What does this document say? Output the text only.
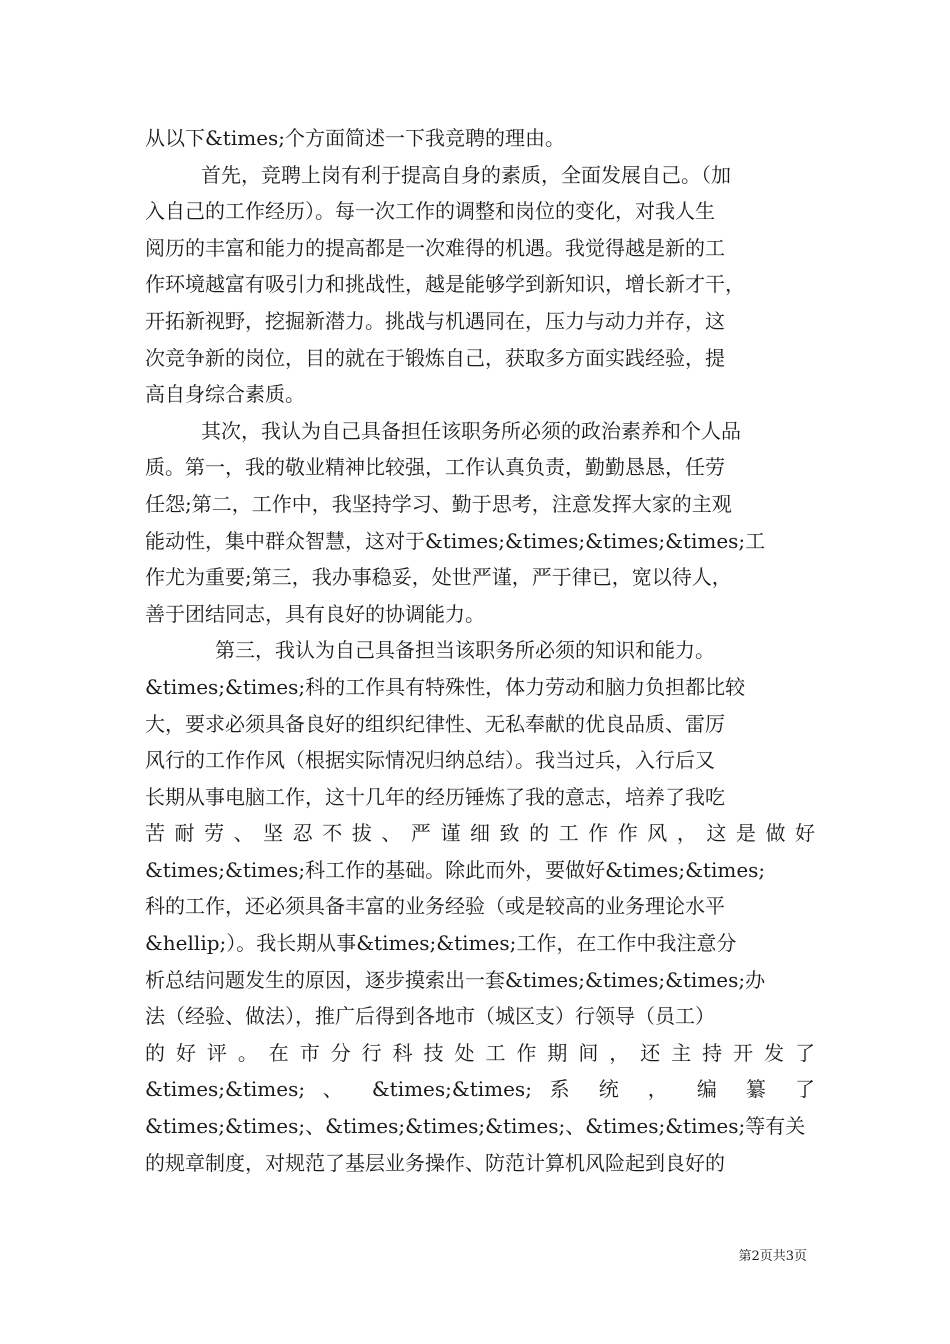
从以下&times;个方面简述一下我竞聘的理由。
首先，竞聘上岗有利于提高自身的素质，全面发展自己。（加
入自己的工作经历）。每一次工作的调整和岗位的变化，对我人生
阅历的丰富和能力的提高都是一次难得的机遇。我觉得越是新的工
作环境越富有吸引力和挑战性，越是能够学到新知识，增长新才干，
开拓新视野，挖掘新潜力。挑战与机遇同在，压力与动力并存，这
次竞争新的岗位，目的就在于锻炼自己，获取多方面实践经验，提
高自身综合素质。
其次，我认为自己具备担任该职务所必须的政治素养和个人品
质。第一，我的敬业精神比较强，工作认真负责，勤勤恳恳，任劳
任怨;第二，工作中，我坚持学习、勤于思考，注意发挥大家的主观
能动性，集中群众智慧，这对于&times;&times;&times;&times;工
作尤为重要;第三，我办事稳妥，处世严谨，严于律已，宽以待人，
善于团结同志，具有良好的协调能力。
第三，我认为自己具备担当该职务所必须的知识和能力。
&times;&times;科的工作具有特殊性，体力劳动和脑力负担都比较
大，要求必须具备良好的组织纪律性、无私奉献的优良品质、雷厉
风行的工作作风（根据实际情况归纳总结）。我当过兵，入行后又
长期从事电脑工作，这十几年的经历锤炼了我的意志，培养了我吃
苦耐劳、坚忍不拔、严谨细致的工作作风，这是做好
&times;&times;科工作的基础。除此而外，要做好&times;&times;
科的工作，还必须具备丰富的业务经验（或是较高的业务理论水平
&hellip;）。我长期从事&times;&times;工作，在工作中我注意分
析总结问题发生的原因，逐步摸索出一套&times;&times;&times;办
法（经验、做法），推广后得到各地市（城区支）行领导（员工）
的好评。在市分行科技处工作期间，还主持开发了
&times;&times; 、 &times;&times; 系 统 ， 编 纂 了
&times;&times;、&times;&times;&times;、&times;&times;等有关
的规章制度，对规范了基层业务操作、防范计算机风险起到良好的
第2页共3页
